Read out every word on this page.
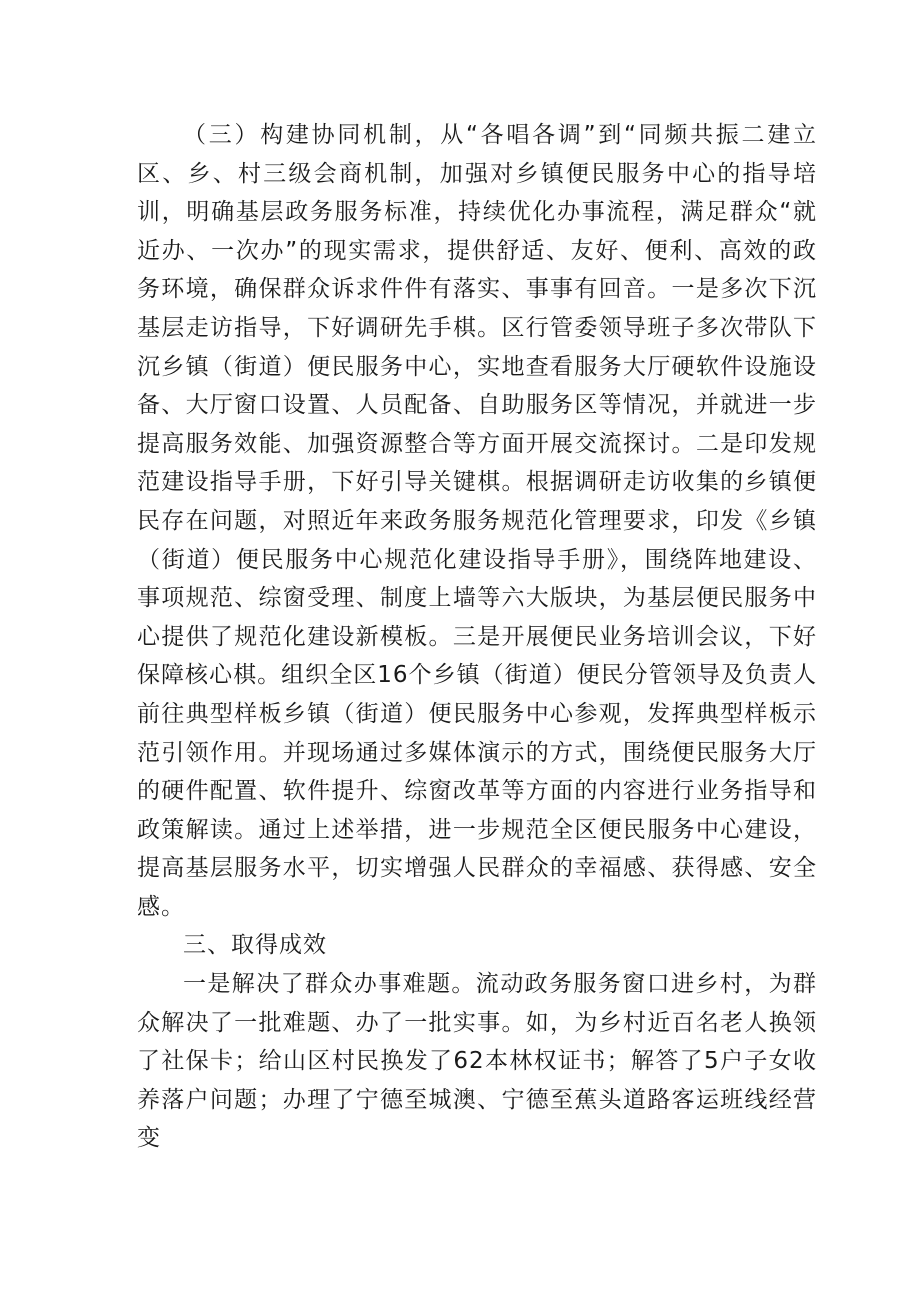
（三）构建协同机制，从“各唱各调”到“同频共振二建立区、乡、村三级会商机制，加强对乡镇便民服务中心的指导培训，明确基层政务服务标准，持续优化办事流程，满足群众“就近办、一次办”的现实需求，提供舒适、友好、便利、高效的政务环境，确保群众诉求件件有落实、事事有回音。一是多次下沉基层走访指导，下好调研先手棋。区行管委领导班子多次带队下沉乡镇（街道）便民服务中心，实地查看服务大厅硬软件设施设备、大厅窗口设置、人员配备、自助服务区等情况，并就进一步提高服务效能、加强资源整合等方面开展交流探讨。二是印发规范建设指导手册，下好引导关键棋。根据调研走访收集的乡镇便民存在问题，对照近年来政务服务规范化管理要求，印发《乡镇（街道）便民服务中心规范化建设指导手册》，围绕阵地建设、事项规范、综窗受理、制度上墙等六大版块，为基层便民服务中心提供了规范化建设新模板。三是开展便民业务培训会议，下好保障核心棋。组织全区16个乡镇（街道）便民分管领导及负责人前往典型样板乡镇（街道）便民服务中心参观，发挥典型样板示范引领作用。并现场通过多媒体演示的方式，围绕便民服务大厅的硬件配置、软件提升、综窗改革等方面的内容进行业务指导和政策解读。通过上述举措，进一步规范全区便民服务中心建设，提高基层服务水平，切实增强人民群众的幸福感、获得感、安全感。

三、取得成效

一是解决了群众办事难题。流动政务服务窗口进乡村，为群众解决了一批难题、办了一批实事。如，为乡村近百名老人换领了社保卡；给山区村民换发了62本林权证书；解答了5户子女收养落户问题；办理了宁德至城澳、宁德至蕉头道路客运班线经营变
